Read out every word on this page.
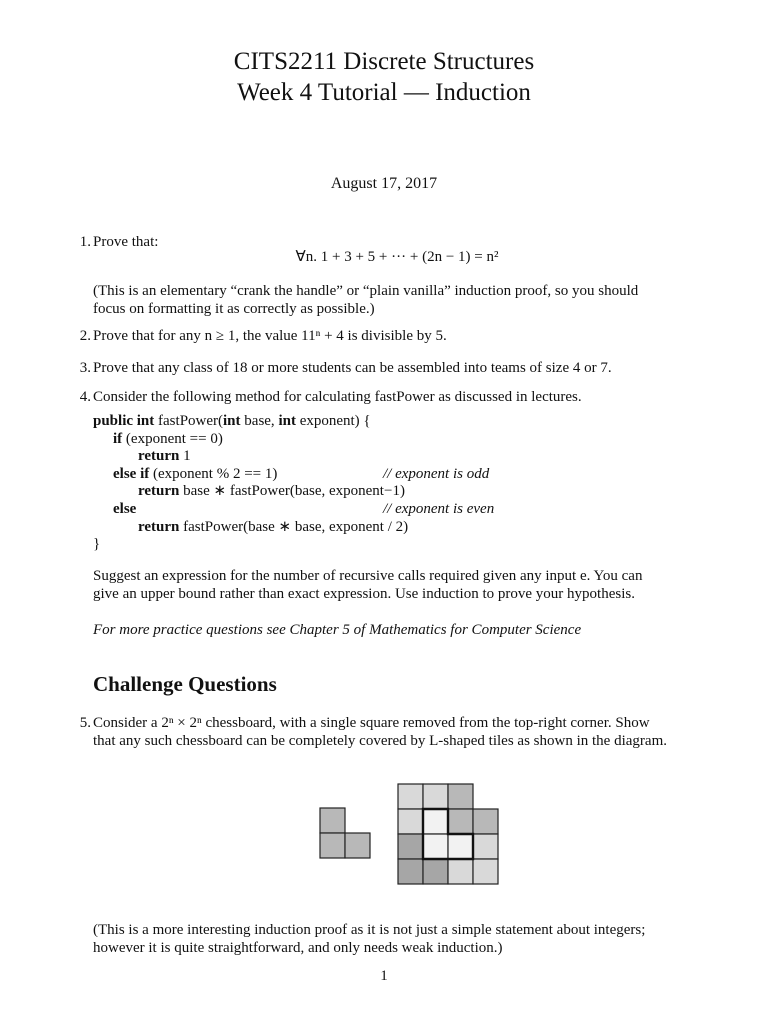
CITS2211 Discrete Structures
Week 4 Tutorial — Induction
August 17, 2017
1. Prove that:
∀n. 1 + 3 + 5 + ··· + (2n − 1) = n²
(This is an elementary “crank the handle” or “plain vanilla” induction proof, so you should
focus on formatting it as correctly as possible.)
2. Prove that for any n ≥ 1, the value 11ⁿ + 4 is divisible by 5.
3. Prove that any class of 18 or more students can be assembled into teams of size 4 or 7.
4. Consider the following method for calculating fastPower as discussed in lectures.
public int fastPower(int base, int exponent) {
if (exponent == 0)
return 1
else if (exponent % 2 == 1)	// exponent is odd
return base ∗ fastPower(base, exponent−1)
else	// exponent is even
return fastPower(base ∗ base, exponent / 2)
}
Suggest an expression for the number of recursive calls required given any input e. You can
give an upper bound rather than exact expression. Use induction to prove your hypothesis.
For more practice questions see Chapter 5 of Mathematics for Computer Science
Challenge Questions
5. Consider a 2ⁿ × 2ⁿ chessboard, with a single square removed from the top-right corner. Show
that any such chessboard can be completely covered by L-shaped tiles as shown in the diagram.
(This is a more interesting induction proof as it is not just a simple statement about integers;
however it is quite straightforward, and only needs weak induction.)
1
